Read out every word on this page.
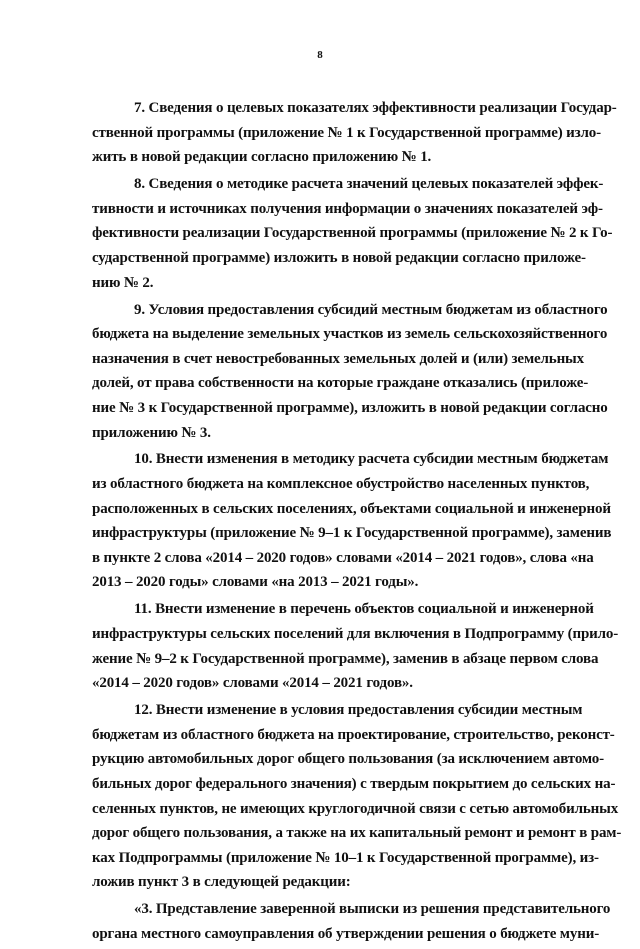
8
7. Сведения о целевых показателях эффективности реализации Государ-
ственной программы (приложение № 1 к Государственной программе) изло-
жить в новой редакции согласно приложению № 1.
8. Сведения о методике расчета значений целевых показателей эффек-
тивности и источниках получения информации о значениях показателей эф-
фективности реализации Государственной программы (приложение № 2 к Го-
сударственной программе) изложить в новой редакции согласно приложе-
нию № 2.
9. Условия предоставления субсидий местным бюджетам из областного
бюджета на выделение земельных участков из земель сельскохозяйственного
назначения в счет невостребованных земельных долей и (или) земельных
долей, от права собственности на которые граждане отказались (приложе-
ние № 3 к Государственной программе), изложить в новой редакции согласно
приложению № 3.
10. Внести изменения в методику расчета субсидии местным бюджетам
из областного бюджета на комплексное обустройство населенных пунктов,
расположенных в сельских поселениях, объектами социальной и инженерной
инфраструктуры (приложение № 9–1 к Государственной программе), заменив
в пункте 2 слова «2014 – 2020 годов» словами «2014 – 2021 годов», слова «на
2013 – 2020 годы» словами «на 2013 – 2021 годы».
11. Внести изменение в перечень объектов социальной и инженерной
инфраструктуры сельских поселений для включения в Подпрограмму (прило-
жение № 9–2 к Государственной программе), заменив в абзаце первом слова
«2014 – 2020 годов» словами «2014 – 2021 годов».
12. Внести изменение в условия предоставления субсидии местным
бюджетам из областного бюджета на проектирование, строительство, реконст-
рукцию автомобильных дорог общего пользования (за исключением автомо-
бильных дорог федерального значения) с твердым покрытием до сельских на-
селенных пунктов, не имеющих круглогодичной связи с сетью автомобильных
дорог общего пользования, а также на их капитальный ремонт и ремонт в рам-
ках Подпрограммы (приложение № 10–1 к Государственной программе), из-
ложив пункт 3 в следующей редакции:
«3. Представление заверенной выписки из решения представительного
органа местного самоуправления об утверждении решения о бюджете муни-
